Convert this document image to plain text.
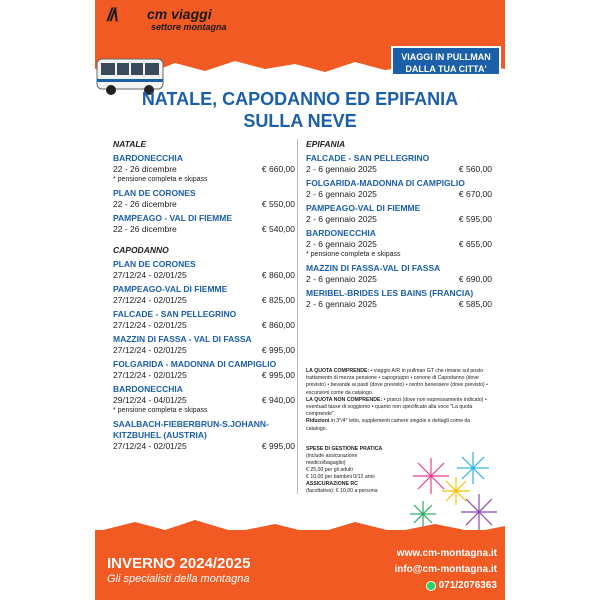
//\ cm viaggi
settore montagna
VIAGGI IN PULLMAN
DALLA TUA CITTA'
NATALE, CAPODANNO ED EPIFANIA
SULLA NEVE
NATALE
BARDONECCHIA
22 - 26 dicembre	€ 660,00
* pensione completa e skipass
PLAN DE CORONES
22 - 26 dicembre	€ 550,00
PAMPEAGO - VAL DI FIEMME
22 - 26 dicembre	€ 540,00
CAPODANNO
PLAN DE CORONES
27/12/24 - 02/01/25	€ 860,00
PAMPEAGO-VAL DI FIEMME
27/12/24 - 02/01/25	€ 825,00
FALCADE - SAN PELLEGRINO
27/12/24 - 02/01/25	€ 860,00
MAZZIN DI FASSA - VAL DI FASSA
27/12/24 - 02/01/25	€ 995,00
FOLGARIDA - MADONNA DI CAMPIGLIO
27/12/24 - 02/01/25	€ 995,00
BARDONECCHIA
29/12/24 - 04/01/25	€ 940,00
* pensione completa e skipass
SAALBACH-FIEBERBRUN-S.JOHANN-
KITZBUHEL (AUSTRIA)
27/12/24 - 02/01/25	€ 995,00
EPIFANIA
FALCADE - SAN PELLEGRINO
2 - 6 gennaio 2025	€ 560,00
FOLGARIDA-MADONNA DI CAMPIGLIO
2 - 6 gennaio 2025	€ 670,00
PAMPEAGO-VAL DI FIEMME
2 - 6 gennaio 2025	€ 595,00
BARDONECCHIA
2 - 6 gennaio 2025	€ 655,00
* pensione completa e skipass
MAZZIN DI FASSA-VAL DI FASSA
2 - 6 gennaio 2025	€ 690,00
MERIBEL-BRIDES LES BAINS (FRANCIA)
2 - 6 gennaio 2025	€ 585,00
LA QUOTA COMPRENDE: • viaggio A/R in pullman GT che rimane sul posto trattamento di mezza pensione • capogruppo • cenone di Capodanno (dove previsto) • bevande ai pasti (dove previsto) • centro benessere (dove previsto) • escursioni come da catalogo.
LA QUOTA NON COMPRENDE: • pranzi (dove non espressamente indicato) • eventuali tasse di soggiorno • quanto non specificato alla voce "La quota comprende".
Riduzioni in 3°/4° letto, supplementi camere singole e dettagli come da catalogo.
SPESE DI GESTIONE PRATICA
(include assicurazione
medico/bagaglio)
€ 25,00 per gli adulti
€ 10,00 per bambini 0/12 anni
ASSICURAZIONE RC
(facoltativa): € 10,00 a persona
INVERNO 2024/2025
Gli specialisti della montagna
www.cm-montagna.it
info@cm-montagna.it
071/2076363
